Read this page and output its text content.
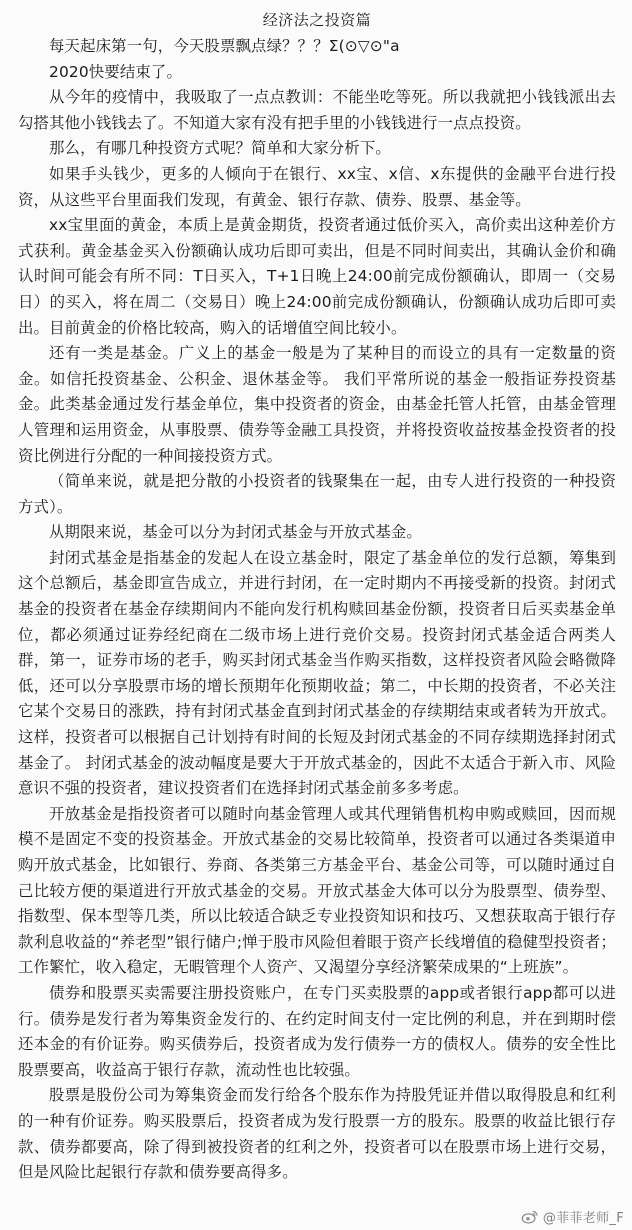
经济法之投资篇

每天起床第一句，今天股票飘点绿？？？Σ(⊙▽⊙"a

2020快要结束了。

从今年的疫情中，我吸取了一点点教训：不能坐吃等死。所以我就把小钱钱派出去勾搭其他小钱钱去了。不知道大家有没有把手里的小钱钱进行一点点投资。

那么，有哪几种投资方式呢？简单和大家分析下。

如果手头钱少，更多的人倾向于在银行、xx宝、x信、x东提供的金融平台进行投资，从这些平台里面我们发现，有黄金、银行存款、债券、股票、基金等。

xx宝里面的黄金，本质上是黄金期货，投资者通过低价买入，高价卖出这种差价方式获利。黄金基金买入份额确认成功后即可卖出，但是不同时间卖出，其确认金价和确认时间可能会有所不同：T日买入，T+1日晚上24:00前完成份额确认，即周一（交易日）的买入，将在周二（交易日）晚上24:00前完成份额确认，份额确认成功后即可卖出。目前黄金的价格比较高，购入的话增值空间比较小。

还有一类是基金。广义上的基金一般是为了某种目的而设立的具有一定数量的资金。如信托投资基金、公积金、退休基金等。 我们平常所说的基金一般指证券投资基金。此类基金通过发行基金单位，集中投资者的资金，由基金托管人托管，由基金管理人管理和运用资金，从事股票、债券等金融工具投资，并将投资收益按基金投资者的投资比例进行分配的一种间接投资方式。

（简单来说，就是把分散的小投资者的钱聚集在一起，由专人进行投资的一种投资方式）。

从期限来说，基金可以分为封闭式基金与开放式基金。

封闭式基金是指基金的发起人在设立基金时，限定了基金单位的发行总额，筹集到这个总额后，基金即宣告成立，并进行封闭，在一定时期内不再接受新的投资。封闭式基金的投资者在基金存续期间内不能向发行机构赎回基金份额，投资者日后买卖基金单位，都必须通过证券经纪商在二级市场上进行竞价交易。投资封闭式基金适合两类人群，第一，证券市场的老手，购买封闭式基金当作购买指数，这样投资者风险会略微降低，还可以分享股票市场的增长预期年化预期收益；第二，中长期的投资者，不必关注它某个交易日的涨跌，持有封闭式基金直到封闭式基金的存续期结束或者转为开放式。这样，投资者可以根据自己计划持有时间的长短及封闭式基金的不同存续期选择封闭式基金了。 封闭式基金的波动幅度是要大于开放式基金的，因此不太适合于新入市、风险意识不强的投资者，建议投资者们在选择封闭式基金前多多考虑。

开放基金是指投资者可以随时向基金管理人或其代理销售机构申购或赎回，因而规模不是固定不变的投资基金。开放式基金的交易比较简单，投资者可以通过各类渠道申购开放式基金，比如银行、券商、各类第三方基金平台、基金公司等，可以随时通过自己比较方便的渠道进行开放式基金的交易。开放式基金大体可以分为股票型、债券型、指数型、保本型等几类，所以比较适合缺乏专业投资知识和技巧、又想获取高于银行存款利息收益的“养老型”银行储户;惮于股市风险但着眼于资产长线增值的稳健型投资者；工作繁忙，收入稳定，无暇管理个人资产、又渴望分享经济繁荣成果的“上班族”。

债券和股票买卖需要注册投资账户，在专门买卖股票的app或者银行app都可以进行。债券是发行者为筹集资金发行的、在约定时间支付一定比例的利息，并在到期时偿还本金的有价证券。购买债券后，投资者成为发行债券一方的债权人。债券的安全性比股票要高，收益高于银行存款，流动性也比较强。

股票是股份公司为筹集资金而发行给各个股东作为持股凭证并借以取得股息和红利的一种有价证券。购买股票后，投资者成为发行股票一方的股东。股票的收益比银行存款、债券都要高，除了得到被投资者的红利之外，投资者可以在股票市场上进行交易，但是风险比起银行存款和债券要高得多。

@菲菲老师_F
